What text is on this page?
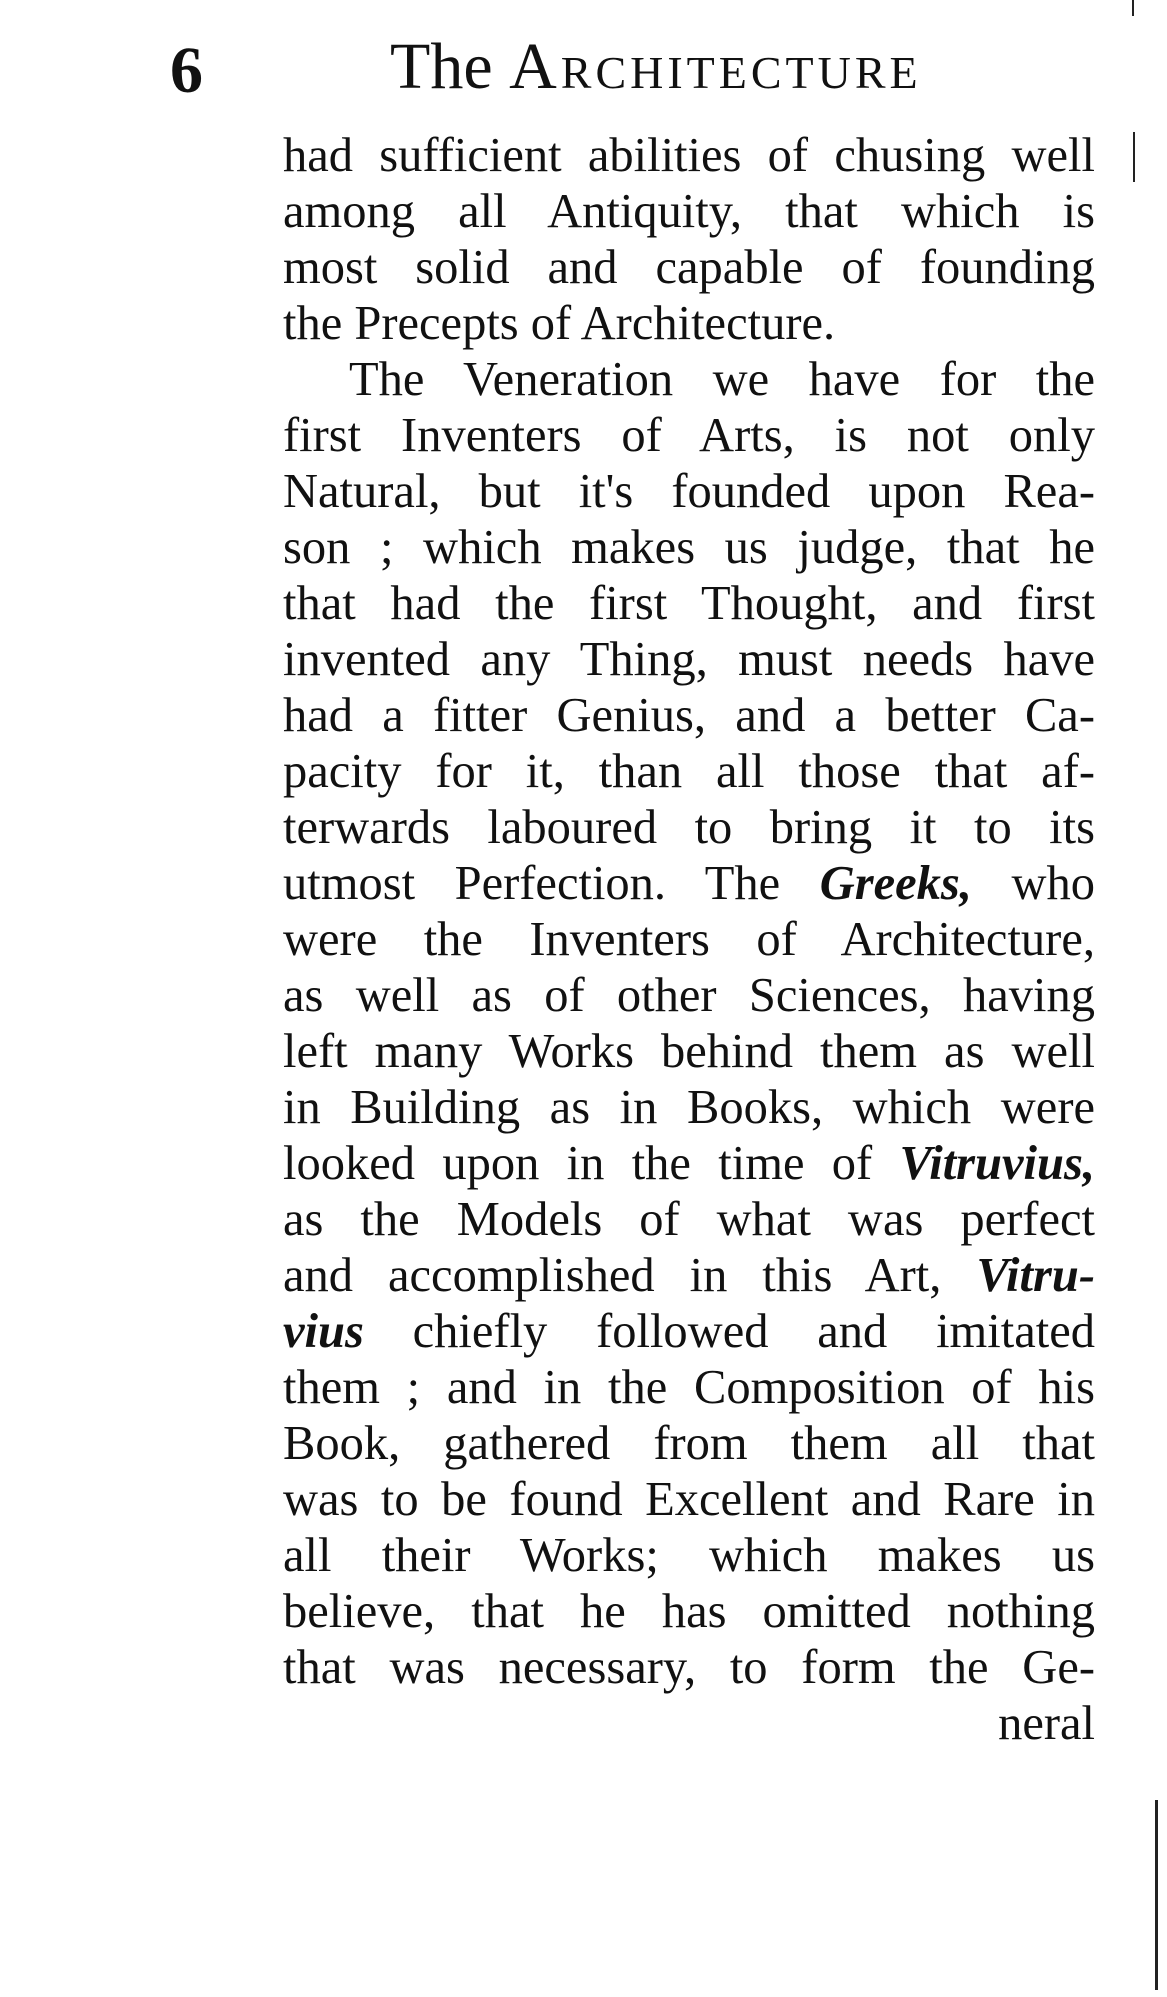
6	The Architecture
had sufficient abilities of chusing well
among all Antiquity, that which is
most solid and capable of founding
the Precepts of Architecture.
The Veneration we have for the
first Inventers of Arts, is not only
Natural, but it's founded upon Rea-
son ; which makes us judge, that he
that had the first Thought, and first
invented any Thing, must needs have
had a fitter Genius, and a better Ca-
pacity for it, than all those that af-
terwards laboured to bring it to its
utmost Perfection. The Greeks, who
were the Inventers of Architecture,
as well as of other Sciences, having
left many Works behind them as well
in Building as in Books, which were
looked upon in the time of Vitruvius,
as the Models of what was perfect
and accomplished in this Art, Vitru-
vius chiefly followed and imitated
them ; and in the Composition of his
Book, gathered from them all that
was to be found Excellent and Rare in
all their Works; which makes us
believe, that he has omitted nothing
that was necessary, to form the Ge-
neral
